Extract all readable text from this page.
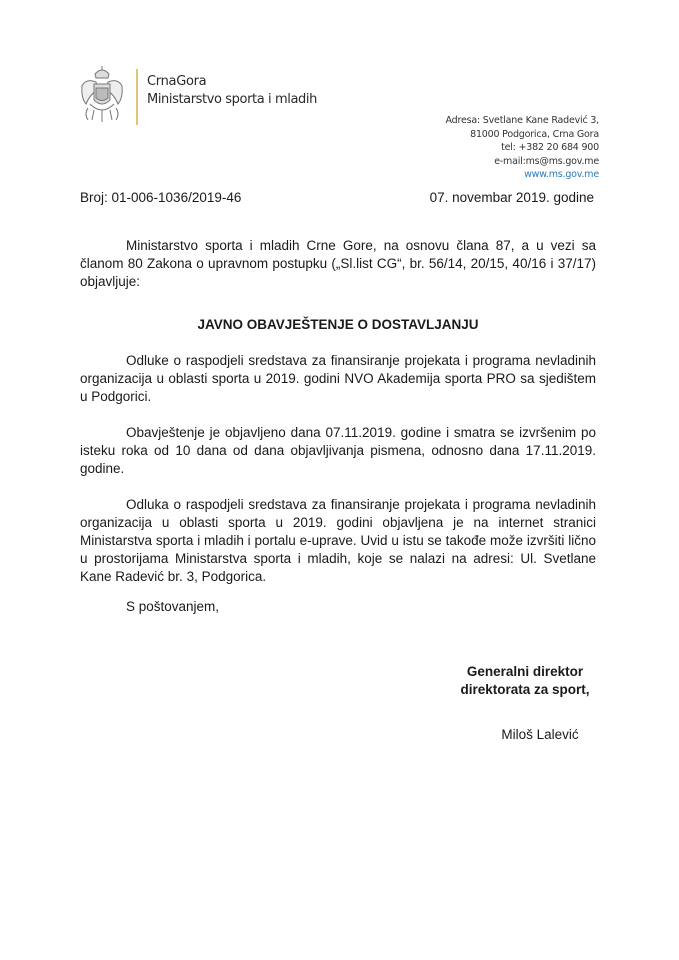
CrnaGora
Ministarstvo sporta i mladih
Adresa: Svetlane Kane Radević 3,
81000 Podgorica, Crna Gora
tel: +382 20 684 900
e-mail:ms@ms.gov.me
www.ms.gov.me
Broj: 01-006-1036/2019-46	07. novembar 2019. godine
Ministarstvo sporta i mladih Crne Gore, na osnovu člana 87, a u vezi sa članom 80 Zakona o upravnom postupku („Sl.list CG“, br. 56/14, 20/15, 40/16 i 37/17) objavljuje:
JAVNO OBAVJEŠTENJE O DOSTAVLJANJU
Odluke o raspodjeli sredstava za finansiranje projekata i programa nevladinih organizacija u oblasti sporta u 2019. godini NVO Akademija sporta PRO sa sjedištem u Podgorici.
Obavještenje je objavljeno dana 07.11.2019. godine i smatra se izvršenim po isteku roka od 10 dana od dana objavljivanja pismena, odnosno dana 17.11.2019. godine.
Odluka o raspodjeli sredstava za finansiranje projekata i programa nevladinih organizacija u oblasti sporta u 2019. godini objavljena je na internet stranici Ministarstva sporta i mladih i portalu e-uprave. Uvid u istu se takođe može izvršiti lično u prostorijama Ministarstva sporta i mladih, koje se nalazi na adresi: Ul. Svetlane Kane Radević br. 3, Podgorica.
S poštovanjem,
Generalni direktor
direktorata za sport,
Miloš Lalević
